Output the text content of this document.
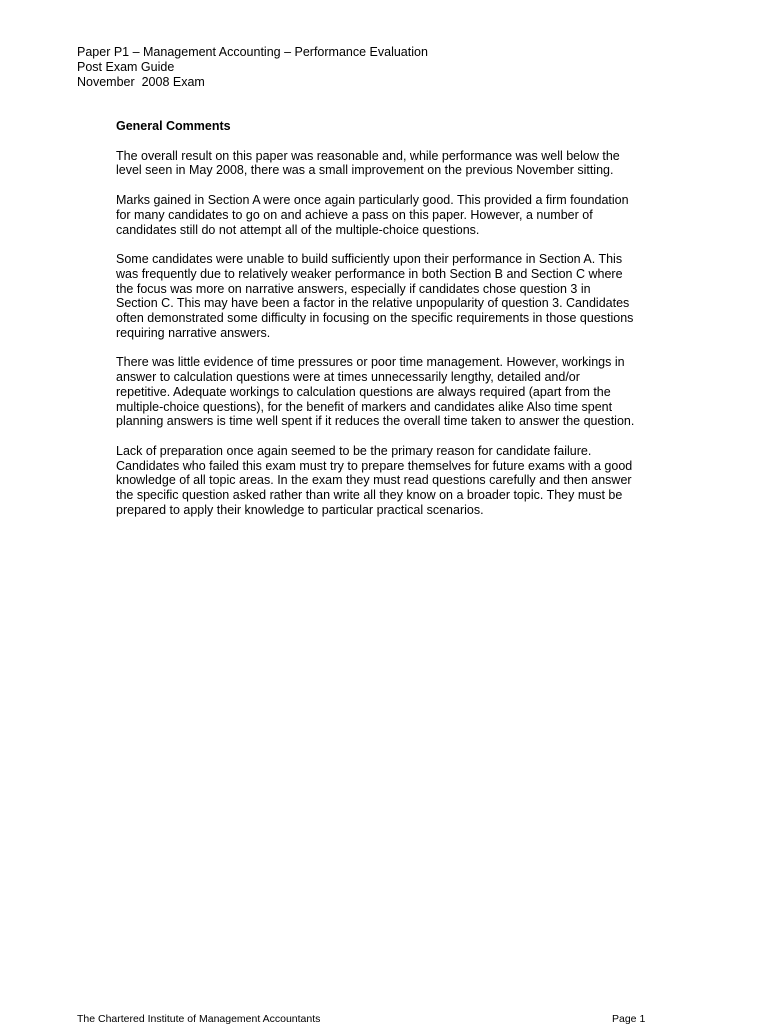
Paper P1 – Management Accounting – Performance Evaluation
Post Exam Guide
November  2008 Exam
General Comments
The overall result on this paper was reasonable and, while performance was well below the
level seen in May 2008, there was a small improvement on the previous November sitting.
Marks gained in Section A were once again particularly good. This provided a firm foundation
for many candidates to go on and achieve a pass on this paper. However, a number of
candidates still do not attempt all of the multiple-choice questions.
Some candidates were unable to build sufficiently upon their performance in Section A. This
was frequently due to relatively weaker performance in both Section B and Section C where
the focus was more on narrative answers, especially if candidates chose question 3 in
Section C. This may have been a factor in the relative unpopularity of question 3. Candidates
often demonstrated some difficulty in focusing on the specific requirements in those questions
requiring narrative answers.
There was little evidence of time pressures or poor time management. However, workings in
answer to calculation questions were at times unnecessarily lengthy, detailed and/or
repetitive. Adequate workings to calculation questions are always required (apart from the
multiple-choice questions), for the benefit of markers and candidates alike Also time spent
planning answers is time well spent if it reduces the overall time taken to answer the question.
Lack of preparation once again seemed to be the primary reason for candidate failure.
Candidates who failed this exam must try to prepare themselves for future exams with a good
knowledge of all topic areas. In the exam they must read questions carefully and then answer
the specific question asked rather than write all they know on a broader topic. They must be
prepared to apply their knowledge to particular practical scenarios.
The Chartered Institute of Management Accountants	Page 1
